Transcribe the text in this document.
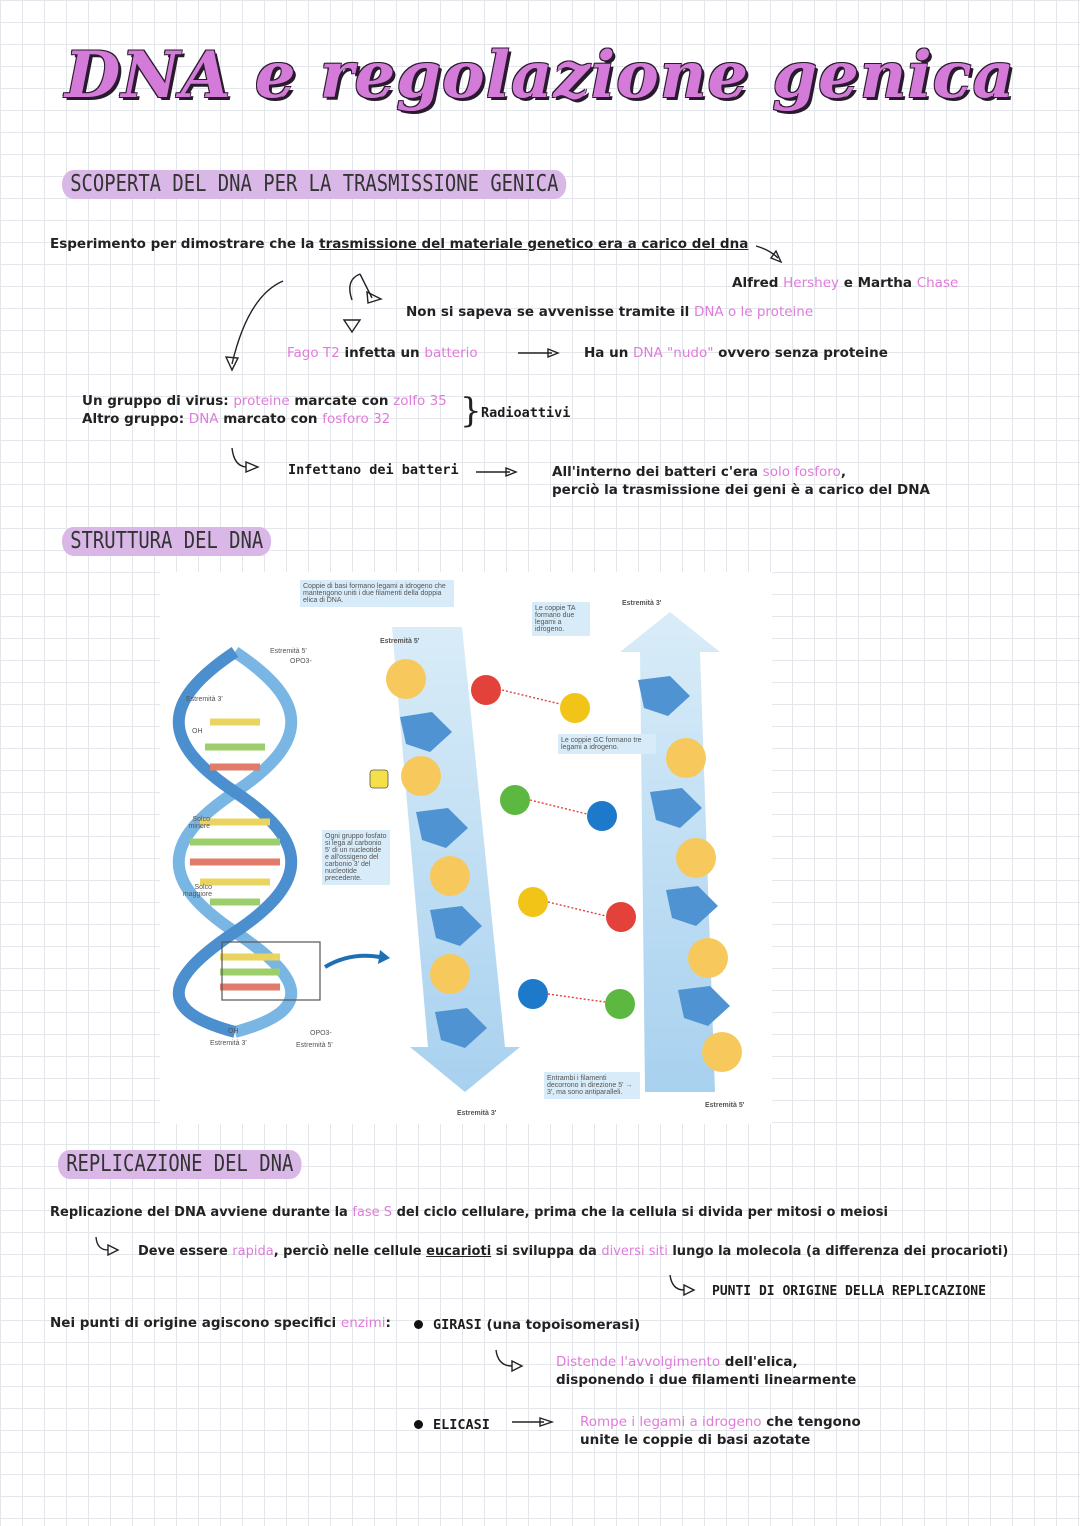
DNA e regolazione genica
SCOPERTA DEL DNA PER LA TRASMISSIONE GENICA
Esperimento per dimostrare che la trasmissione del materiale genetico era a carico del dna
Alfred Hershey e Martha Chase
Non si sapeva se avvenisse tramite il DNA o le proteine
Fago T2 infetta un batterio	Ha un DNA "nudo" ovvero senza proteine
Un gruppo di virus: proteine marcate con zolfo 35
Altro gruppo: DNA marcato con fosforo 32 } Radioattivi
Infettano dei batteri	All'interno dei batteri c'era solo fosforo,
perciò la trasmissione dei geni è a carico del DNA
STRUTTURA DEL DNA
Coppie di basi formano legami a idrogeno che mantengono uniti i due filamenti della doppia elica di DNA.
Le coppie TA formano due legami a idrogeno.
Le coppie GC formano tre legami a idrogeno.
Ogni gruppo fosfato si lega al carbonio 5' di un nucleotide e all'ossigeno del carbonio 3' del nucleotide precedente.
Entrambi i filamenti decorrono in direzione 5' → 3', ma sono antiparalleli.
Estremità 5'
Estremità 3'
Estremità 3'
Estremità 5'
Estremità 5'
OPO3-
Estremità 3'
OH
Solco minore
Solco maggiore
OH
Estremità 3'
OPO3-
Estremità 5'
REPLICAZIONE DEL DNA
Replicazione del DNA avviene durante la fase S del ciclo cellulare, prima che la cellula si divida per mitosi o meiosi
Deve essere rapida, perciò nelle cellule eucarioti si sviluppa da diversi siti lungo la molecola (a differenza dei procarioti)
PUNTI DI ORIGINE DELLA REPLICAZIONE
Nei punti di origine agiscono specifici enzimi:	GIRASI (una topoisomerasi)
Distende l'avvolgimento dell'elica,
disponendo i due filamenti linearmente
ELICASI	Rompe i legami a idrogeno che tengono
unite le coppie di basi azotate
